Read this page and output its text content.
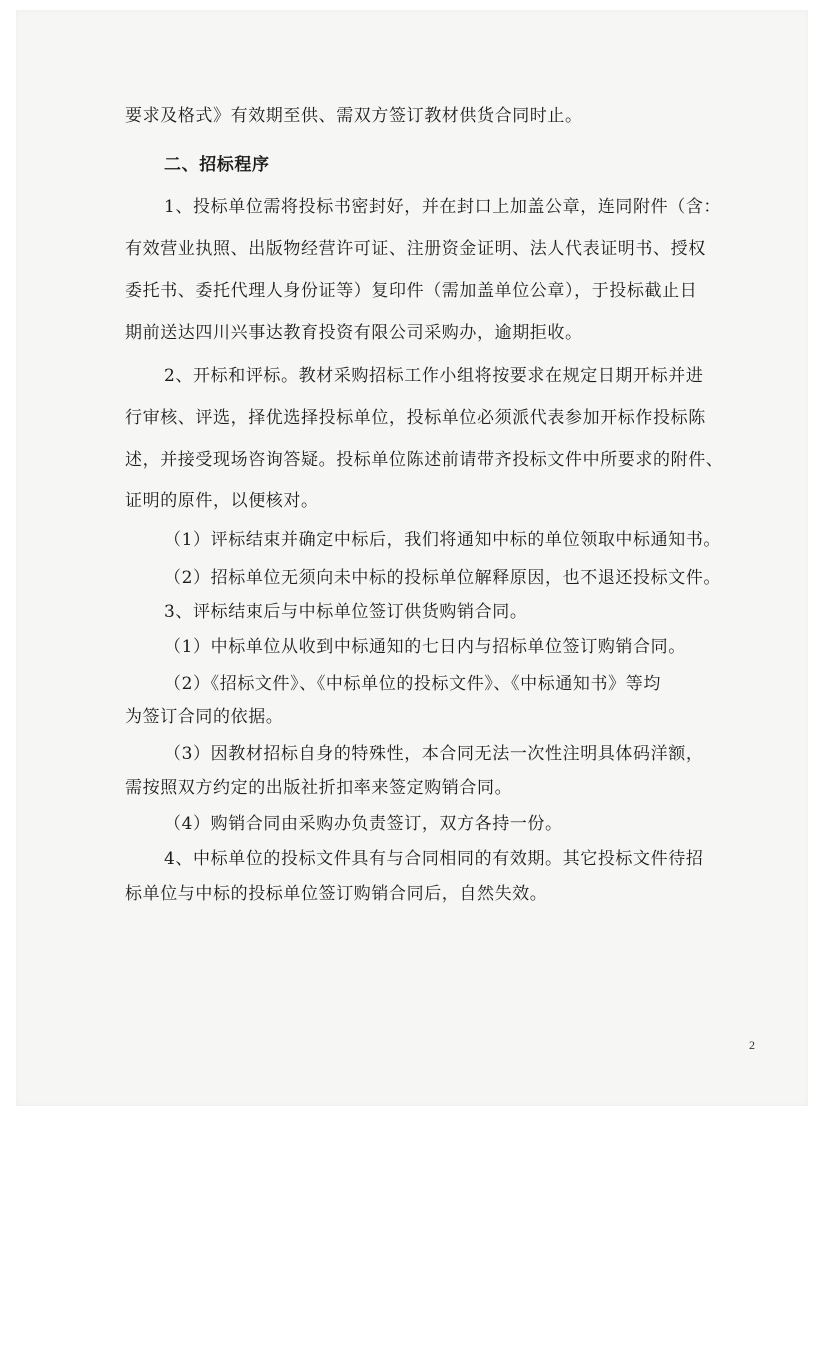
要求及格式》有效期至供、需双方签订教材供货合同时止。
二、招标程序
1、投标单位需将投标书密封好，并在封口上加盖公章，连同附件（含：
有效营业执照、出版物经营许可证、注册资金证明、法人代表证明书、授权
委托书、委托代理人身份证等）复印件（需加盖单位公章），于投标截止日
期前送达四川兴事达教育投资有限公司采购办，逾期拒收。
2、开标和评标。教材采购招标工作小组将按要求在规定日期开标并进
行审核、评选，择优选择投标单位，投标单位必须派代表参加开标作投标陈
述，并接受现场咨询答疑。投标单位陈述前请带齐投标文件中所要求的附件、
证明的原件，以便核对。
（1）评标结束并确定中标后，我们将通知中标的单位领取中标通知书。
（2）招标单位无须向未中标的投标单位解释原因，也不退还投标文件。
3、评标结束后与中标单位签订供货购销合同。
（1）中标单位从收到中标通知的七日内与招标单位签订购销合同。
（2）《招标文件》、《中标单位的投标文件》、《中标通知书》等均
为签订合同的依据。
（3）因教材招标自身的特殊性，本合同无法一次性注明具体码洋额，
需按照双方约定的出版社折扣率来签定购销合同。
（4）购销合同由采购办负责签订，双方各持一份。
4、中标单位的投标文件具有与合同相同的有效期。其它投标文件待招
标单位与中标的投标单位签订购销合同后，自然失效。
2
